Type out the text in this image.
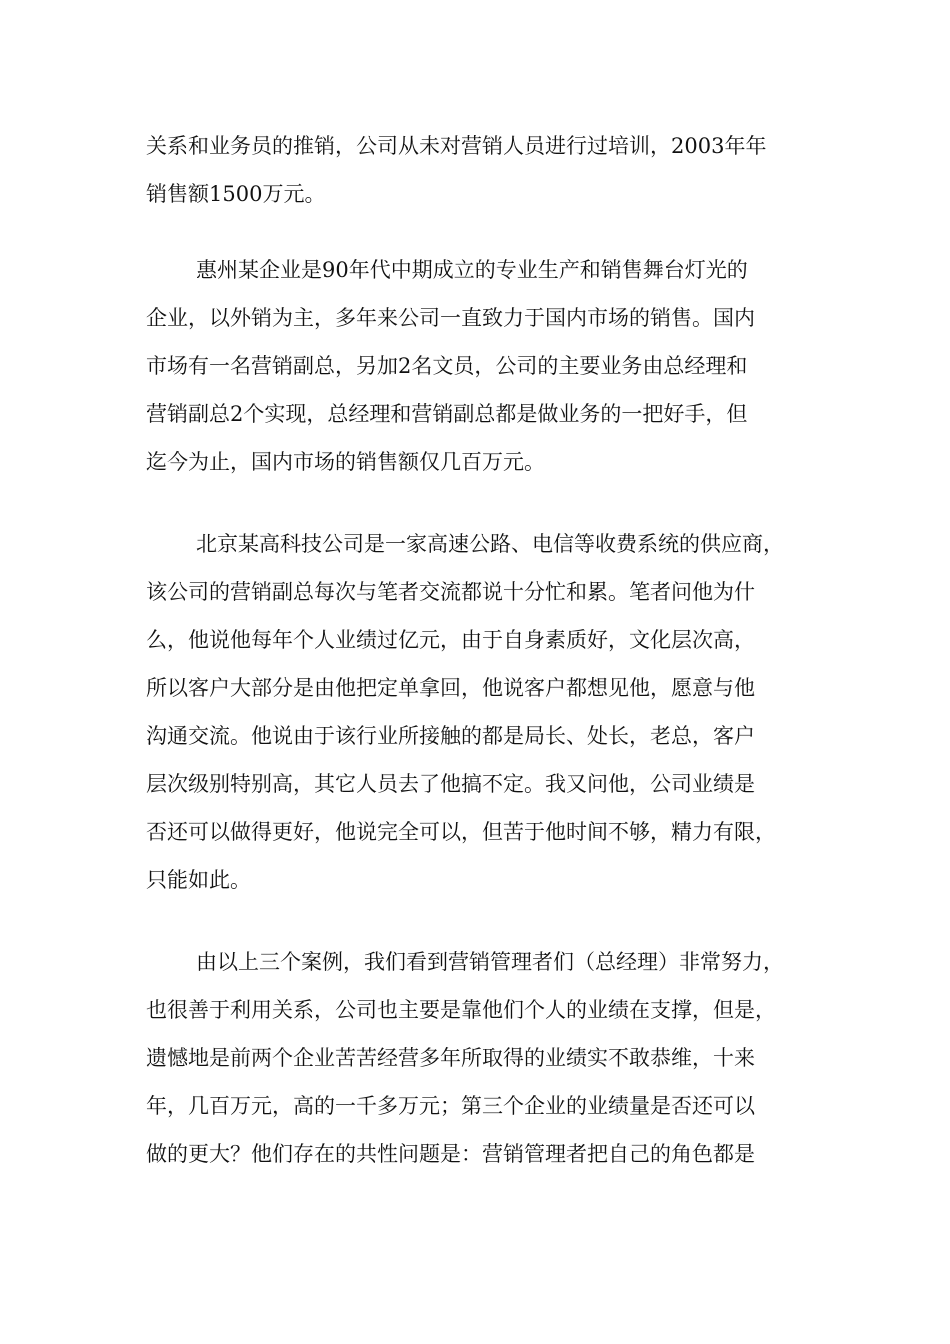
关系和业务员的推销，公司从未对营销人员进行过培训，2003年年
销售额1500万元。
惠州某企业是90年代中期成立的专业生产和销售舞台灯光的
企业，以外销为主，多年来公司一直致力于国内市场的销售。国内
市场有一名营销副总，另加2名文员，公司的主要业务由总经理和
营销副总2个实现，总经理和营销副总都是做业务的一把好手，但
迄今为止，国内市场的销售额仅几百万元。
北京某高科技公司是一家高速公路、电信等收费系统的供应商，
该公司的营销副总每次与笔者交流都说十分忙和累。笔者问他为什
么，他说他每年个人业绩过亿元，由于自身素质好，文化层次高，
所以客户大部分是由他把定单拿回，他说客户都想见他，愿意与他
沟通交流。他说由于该行业所接触的都是局长、处长，老总，客户
层次级别特别高，其它人员去了他搞不定。我又问他，公司业绩是
否还可以做得更好，他说完全可以，但苦于他时间不够，精力有限，
只能如此。
由以上三个案例，我们看到营销管理者们（总经理）非常努力，
也很善于利用关系，公司也主要是靠他们个人的业绩在支撑，但是，
遗憾地是前两个企业苦苦经营多年所取得的业绩实不敢恭维，十来
年，几百万元，高的一千多万元；第三个企业的业绩量是否还可以
做的更大？他们存在的共性问题是：营销管理者把自己的角色都是
